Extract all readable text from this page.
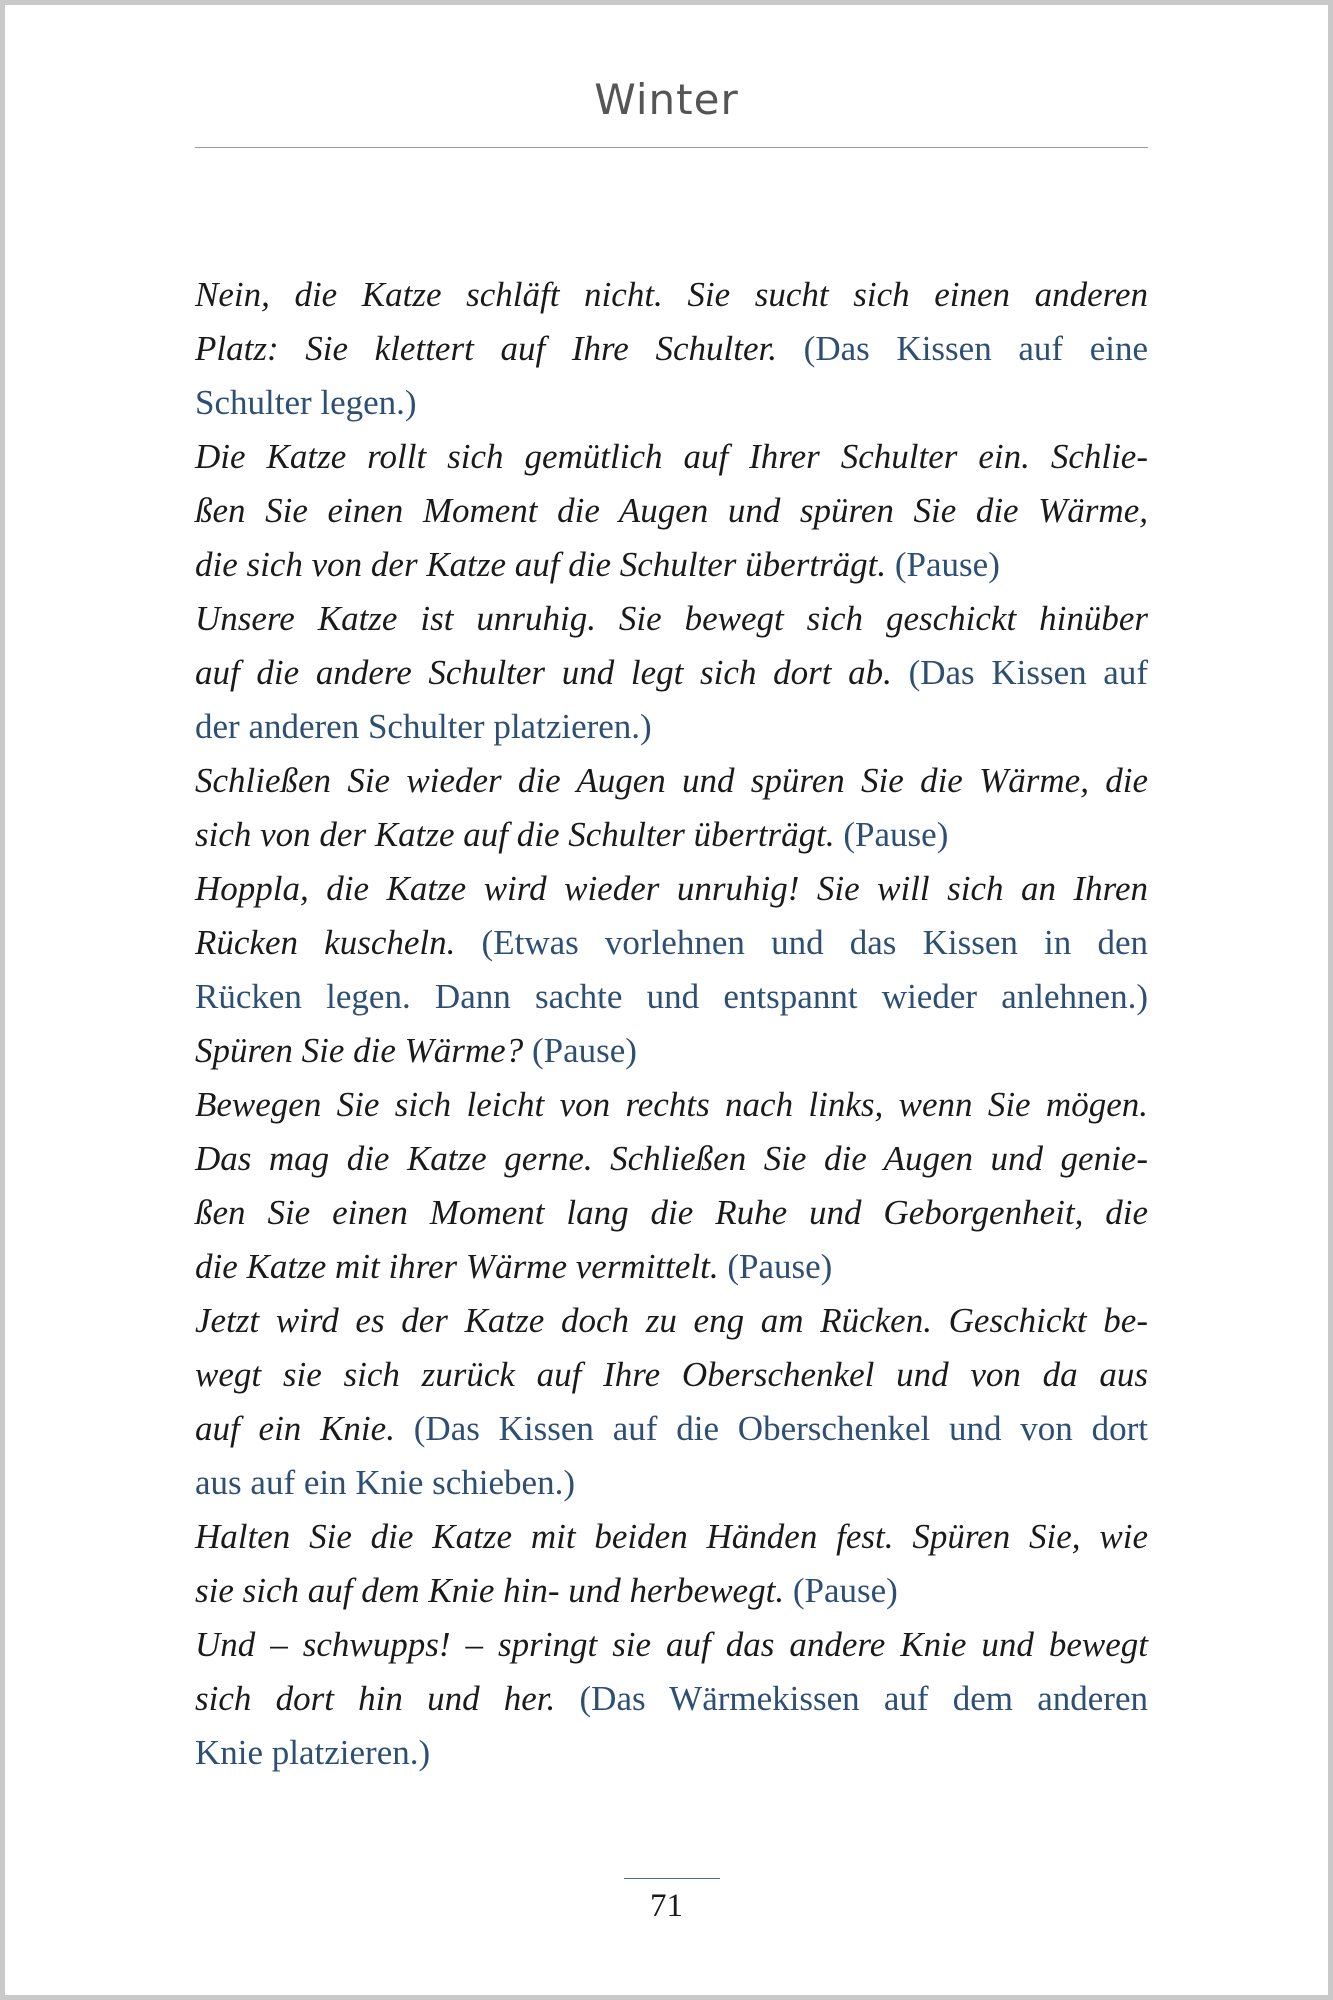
Winter
Nein, die Katze schläft nicht. Sie sucht sich einen anderen
Platz: Sie klettert auf Ihre Schulter. (Das Kissen auf eine
Schulter legen.)
Die Katze rollt sich gemütlich auf Ihrer Schulter ein. Schlie-
ßen Sie einen Moment die Augen und spüren Sie die Wärme,
die sich von der Katze auf die Schulter überträgt. (Pause)
Unsere Katze ist unruhig. Sie bewegt sich geschickt hinüber
auf die andere Schulter und legt sich dort ab. (Das Kissen auf
der anderen Schulter platzieren.)
Schließen Sie wieder die Augen und spüren Sie die Wärme, die
sich von der Katze auf die Schulter überträgt. (Pause)
Hoppla, die Katze wird wieder unruhig! Sie will sich an Ihren
Rücken kuscheln. (Etwas vorlehnen und das Kissen in den
Rücken legen. Dann sachte und entspannt wieder anlehnen.)
Spüren Sie die Wärme? (Pause)
Bewegen Sie sich leicht von rechts nach links, wenn Sie mögen.
Das mag die Katze gerne. Schließen Sie die Augen und genie-
ßen Sie einen Moment lang die Ruhe und Geborgenheit, die
die Katze mit ihrer Wärme vermittelt. (Pause)
Jetzt wird es der Katze doch zu eng am Rücken. Geschickt be-
wegt sie sich zurück auf Ihre Oberschenkel und von da aus
auf ein Knie. (Das Kissen auf die Oberschenkel und von dort
aus auf ein Knie schieben.)
Halten Sie die Katze mit beiden Händen fest. Spüren Sie, wie
sie sich auf dem Knie hin- und herbewegt. (Pause)
Und – schwupps! – springt sie auf das andere Knie und bewegt
sich dort hin und her. (Das Wärmekissen auf dem anderen
Knie platzieren.)
71
